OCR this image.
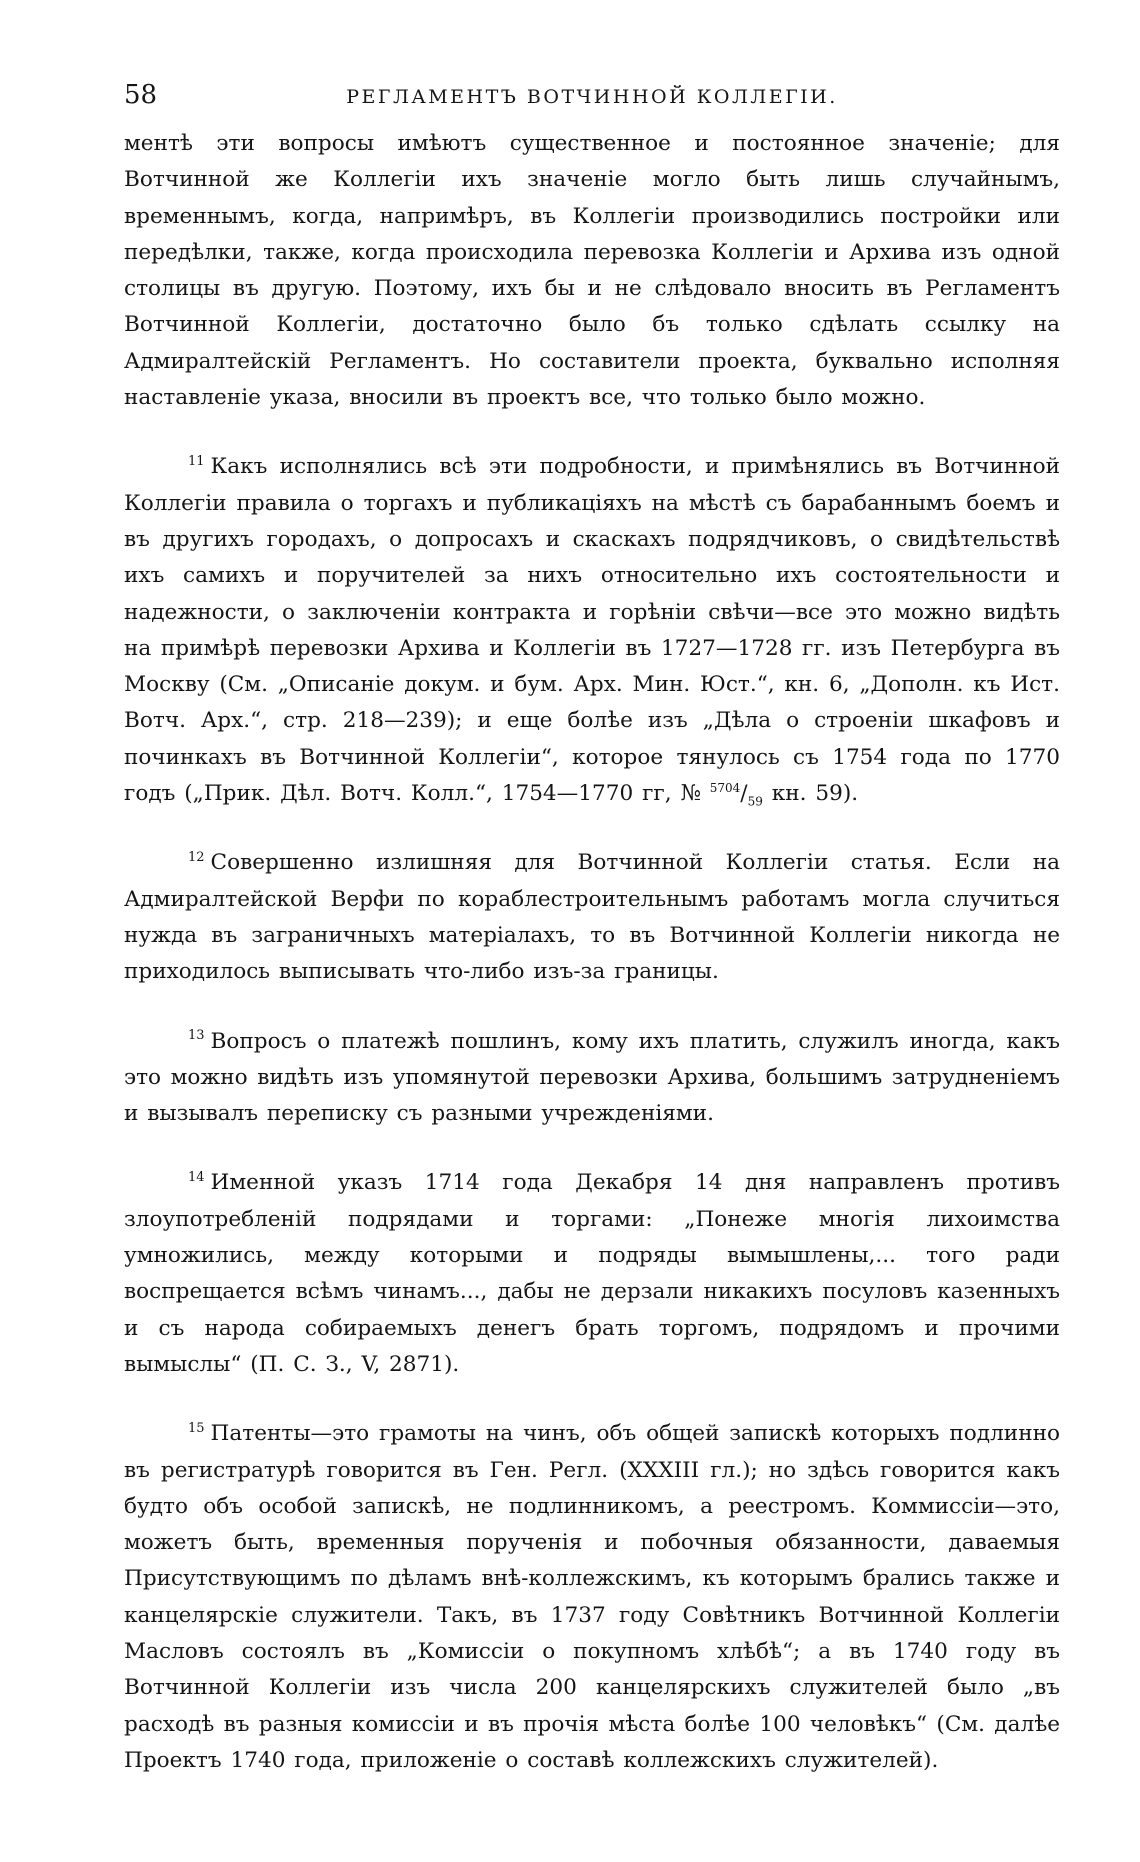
58	РЕГЛАМЕНТЪ ВОТЧИННОЙ КОЛЛЕГІИ.

ментѣ эти вопросы имѣютъ существенное и постоянное значеніе; для Вотчинной же Коллегіи ихъ значеніе могло быть лишь случайнымъ, временнымъ, когда, напримѣръ, въ Коллегіи производились постройки или передѣлки, также, когда происходила перевозка Коллегіи и Архива изъ одной столицы въ другую. Поэтому, ихъ бы и не слѣдовало вносить въ Регламентъ Вотчинной Коллегіи, достаточно было бъ только сдѣлать ссылку на Адмиралтейскій Регламентъ. Но составители проекта, буквально исполняя наставленіе указа, вносили въ проектъ все, что только было можно.

$^{11}$ Какъ исполнялись всѣ эти подробности, и примѣнялись въ Вотчинной Коллегіи правила о торгахъ и публикаціяхъ на мѣстѣ съ барабаннымъ боемъ и въ другихъ городахъ, о допросахъ и скаскахъ подрядчиковъ, о свидѣтельствѣ ихъ самихъ и поручителей за нихъ относительно ихъ состоятельности и надежности, о заключеніи контракта и горѣніи свѣчи—все это можно видѣть на примѣрѣ перевозки Архива и Коллегіи въ 1727—1728 гг. изъ Петербурга въ Москву (См. „Описаніе докум. и бум. Арх. Мин. Юст.“, кн. 6, „Дополн. къ Ист. Вотч. Арх.“, стр. 218—239); и еще болѣе изъ „Дѣла о строеніи шкафовъ и починкахъ въ Вотчинной Коллегіи“, которое тянулось съ 1754 года по 1770 годъ („Прик. Дѣл. Вотч. Колл.“, 1754—1770 гг, № $^{5704}/_{59}$ кн. 59).

$^{12}$ Совершенно излишняя для Вотчинной Коллегіи статья. Если на Адмиралтейской Верфи по кораблестроительнымъ работамъ могла случиться нужда въ заграничныхъ матеріалахъ, то въ Вотчинной Коллегіи никогда не приходилось выписывать что-либо изъ-за границы.

$^{13}$ Вопросъ о платежѣ пошлинъ, кому ихъ платить, служилъ иногда, какъ это можно видѣть изъ упомянутой перевозки Архива, большимъ затрудненіемъ и вызывалъ переписку съ разными учрежденіями.

$^{14}$ Именной указъ 1714 года Декабря 14 дня направленъ противъ злоупотребленій подрядами и торгами: „Понеже многія лихоимства умножились, между которыми и подряды вымышлены,... того ради воспрещается всѣмъ чинамъ..., дабы не дерзали никакихъ посуловъ казенныхъ и съ народа собираемыхъ денегъ брать торгомъ, подрядомъ и прочими вымыслы“ (П. С. З., V, 2871).

$^{15}$ Патенты—это грамоты на чинъ, объ общей запискѣ которыхъ подлинно въ регистратурѣ говорится въ Ген. Регл. (XXXIII гл.); но здѣсь говорится какъ будто объ особой запискѣ, не подлинникомъ, а реестромъ. Коммиссіи—это, можетъ быть, временныя порученія и побочныя обязанности, даваемыя Присутствующимъ по дѣламъ внѣ-коллежскимъ, къ которымъ брались также и канцелярскіе служители. Такъ, въ 1737 году Совѣтникъ Вотчинной Коллегіи Масловъ состоялъ въ „Комиссіи о покупномъ хлѣбѣ“; а въ 1740 году въ Вотчинной Коллегіи изъ числа 200 канцелярскихъ служителей было „въ расходѣ въ разныя комиссіи и въ прочія мѣста болѣе 100 человѣкъ“ (См. далѣе Проектъ 1740 года, приложеніе о составѣ коллежскихъ служителей).
